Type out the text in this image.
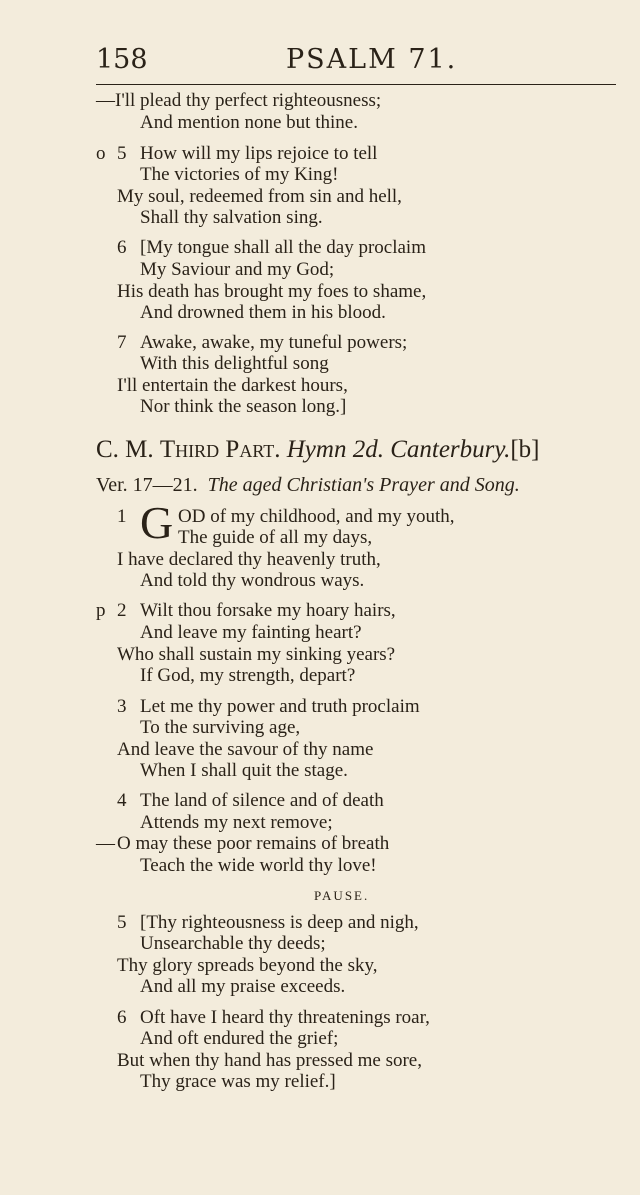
158	PSALM 71.
—I'll plead thy perfect righteousness;
And mention none but thine.
o 5 How will my lips rejoice to tell
The victories of my King!
My soul, redeemed from sin and hell,
Shall thy salvation sing.
6 [My tongue shall all the day proclaim
My Saviour and my God;
His death has brought my foes to shame,
And drowned them in his blood.
7 Awake, awake, my tuneful powers;
With this delightful song
I'll entertain the darkest hours,
Nor think the season long.]
C. M. Third Part. Hymn 2d. Canterbury.[b]
Ver. 17—21. The aged Christian's Prayer and Song.
1 G OD of my childhood, and my youth,
The guide of all my days,
I have declared thy heavenly truth,
And told thy wondrous ways.
p 2 Wilt thou forsake my hoary hairs,
And leave my fainting heart?
Who shall sustain my sinking years?
If God, my strength, depart?
3 Let me thy power and truth proclaim
To the surviving age,
And leave the savour of thy name
When I shall quit the stage.
4 The land of silence and of death
Attends my next remove;
— O may these poor remains of breath
Teach the wide world thy love!
PAUSE.
5 [Thy righteousness is deep and nigh,
Unsearchable thy deeds;
Thy glory spreads beyond the sky,
And all my praise exceeds.
6 Oft have I heard thy threatenings roar,
And oft endured the grief;
But when thy hand has pressed me sore,
Thy grace was my relief.]
